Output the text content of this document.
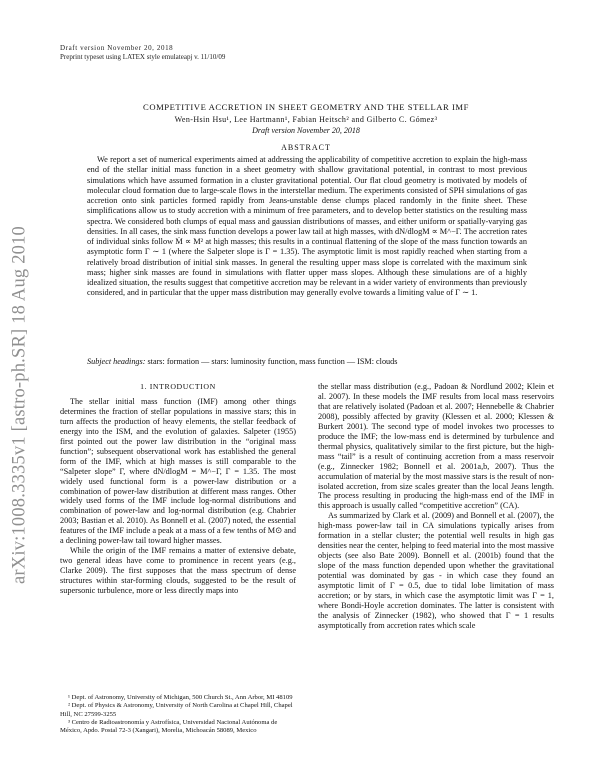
arXiv:1008.3335v1 [astro-ph.SR] 18 Aug 2010
Draft version November 20, 2018
Preprint typeset using LATEX style emulateapj v. 11/10/09
COMPETITIVE ACCRETION IN SHEET GEOMETRY AND THE STELLAR IMF
Wen-Hsin Hsu¹, Lee Hartmann¹, Fabian Heitsch² and Gilberto C. Gómez³
Draft version November 20, 2018
ABSTRACT

We report a set of numerical experiments aimed at addressing the applicability of competitive accretion to explain the high-mass end of the stellar initial mass function in a sheet geometry with shallow gravitational potential, in contrast to most previous simulations which have assumed formation in a cluster gravitational potential. Our flat cloud geometry is motivated by models of molecular cloud formation due to large-scale flows in the interstellar medium. The experiments consisted of SPH simulations of gas accretion onto sink particles formed rapidly from Jeans-unstable dense clumps placed randomly in the finite sheet. These simplifications allow us to study accretion with a minimum of free parameters, and to develop better statistics on the resulting mass spectra. We considered both clumps of equal mass and gaussian distributions of masses, and either uniform or spatially-varying gas densities. In all cases, the sink mass function develops a power law tail at high masses, with dN/dlogM ∝ M^−Γ. The accretion rates of individual sinks follow Ṁ ∝ M² at high masses; this results in a continual flattening of the slope of the mass function towards an asymptotic form Γ ∼ 1 (where the Salpeter slope is Γ = 1.35). The asymptotic limit is most rapidly reached when starting from a relatively broad distribution of initial sink masses. In general the resulting upper mass slope is correlated with the maximum sink mass; higher sink masses are found in simulations with flatter upper mass slopes. Although these simulations are of a highly idealized situation, the results suggest that competitive accretion may be relevant in a wider variety of environments than previously considered, and in particular that the upper mass distribution may generally evolve towards a limiting value of Γ ∼ 1.

Subject headings: stars: formation — stars: luminosity function, mass function — ISM: clouds
1. INTRODUCTION

The stellar initial mass function (IMF) among other things determines the fraction of stellar populations in massive stars; this in turn affects the production of heavy elements, the stellar feedback of energy into the ISM, and the evolution of galaxies. Salpeter (1955) first pointed out the power law distribution in the “original mass function”; subsequent observational work has established the general form of the IMF, which at high masses is still comparable to the “Salpeter slope” Γ, where dN/dlogM = M^−Γ, Γ = 1.35. The most widely used functional form is a power-law distribution or a combination of power-law distribution at different mass ranges. Other widely used forms of the IMF include log-normal distributions and combination of power-law and log-normal distribution (e.g. Chabrier 2003; Bastian et al. 2010). As Bonnell et al. (2007) noted, the essential features of the IMF include a peak at a mass of a few tenths of M⊙ and a declining power-law tail toward higher masses.

While the origin of the IMF remains a matter of extensive debate, two general ideas have come to prominence in recent years (e.g., Clarke 2009). The first supposes that the mass spectrum of dense structures within star-forming clouds, suggested to be the result of supersonic turbulence, more or less directly maps into

the stellar mass distribution (e.g., Padoan & Nordlund 2002; Klein et al. 2007). In these models the IMF results from local mass reservoirs that are relatively isolated (Padoan et al. 2007; Hennebelle & Chabrier 2008), possibly affected by gravity (Klessen et al. 2000; Klessen & Burkert 2001). The second type of model invokes two processes to produce the IMF; the low-mass end is determined by turbulence and thermal physics, qualitatively similar to the first picture, but the high-mass “tail” is a result of continuing accretion from a mass reservoir (e.g., Zinnecker 1982; Bonnell et al. 2001a,b, 2007). Thus the accumulation of material by the most massive stars is the result of non-isolated accretion, from size scales greater than the local Jeans length. The process resulting in producing the high-mass end of the IMF in this approach is usually called “competitive accretion” (CA).

As summarized by Clark et al. (2009) and Bonnell et al. (2007), the high-mass power-law tail in CA simulations typically arises from formation in a stellar cluster; the potential well results in high gas densities near the center, helping to feed material into the most massive objects (see also Bate 2009). Bonnell et al. (2001b) found that the slope of the mass function depended upon whether the gravitational potential was dominated by gas - in which case they found an asymptotic limit of Γ = 0.5, due to tidal lobe limitation of mass accretion; or by stars, in which case the asymptotic limit was Γ = 1, where Bondi-Hoyle accretion dominates. The latter is consistent with the analysis of Zinnecker (1982), who showed that Γ = 1 results asymptotically from accretion rates which scale

¹ Dept. of Astronomy, University of Michigan, 500 Church St., Ann Arbor, MI 48109
² Dept. of Physics & Astronomy, University of North Carolina at Chapel Hill, Chapel Hill, NC 27599-3255
³ Centro de Radioastronomía y Astrofísica, Universidad Nacional Autónoma de México, Apdo. Postal 72-3 (Xangari), Morelia, Michoacán 58089, Mexico
